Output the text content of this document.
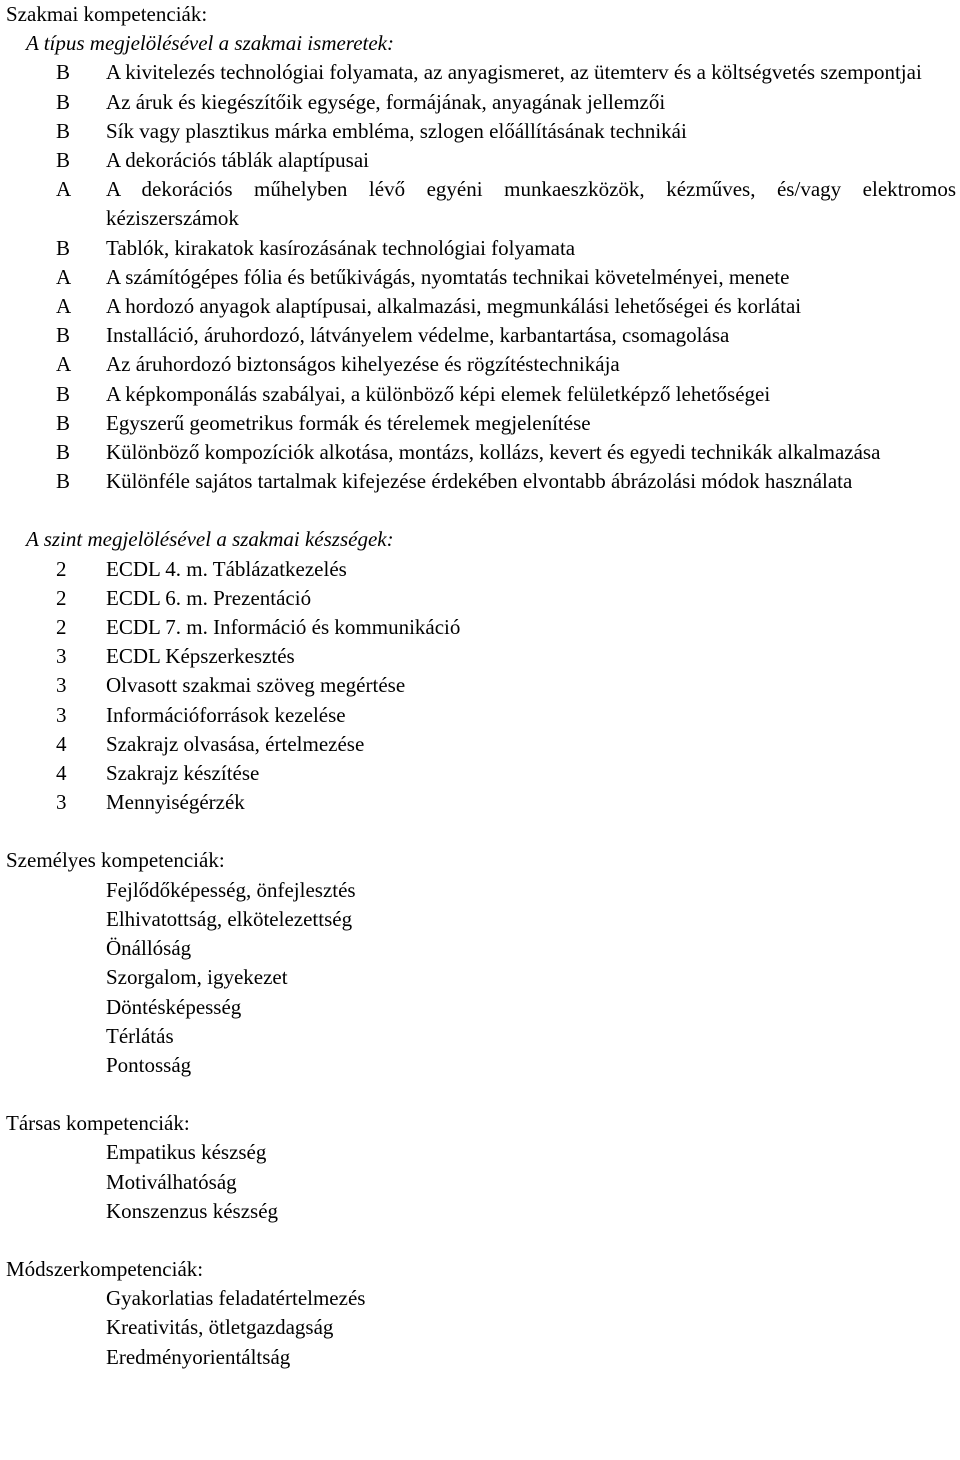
Szakmai kompetenciák:
A típus megjelölésével a szakmai ismeretek:
B	A kivitelezés technológiai folyamata, az anyagismeret, az ütemterv és a költségvetés szempontjai
B	Az áruk és kiegészítőik egysége, formájának, anyagának jellemzői
B	Sík vagy plasztikus márka embléma, szlogen előállításának technikái
B	A dekorációs táblák alaptípusai
A	A dekorációs műhelyben lévő egyéni munkaeszközök, kézműves, és/vagy elektromos kéziszerszámok
B	Tablók, kirakatok kasírozásának technológiai folyamata
A	A számítógépes fólia és betűkivágás, nyomtatás technikai követelményei, menete
A	A hordozó anyagok alaptípusai, alkalmazási, megmunkálási lehetőségei és korlátai
B	Installáció, áruhordozó, látványelem védelme, karbantartása, csomagolása
A	Az áruhordozó biztonságos kihelyezése és rögzítéstechnikája
B	A képkomponálás szabályai, a különböző képi elemek felületképző lehetőségei
B	Egyszerű geometrikus formák és térelemek megjelenítése
B	Különböző kompozíciók alkotása, montázs, kollázs, kevert és egyedi technikák alkalmazása
B	Különféle sajátos tartalmak kifejezése érdekében elvontabb ábrázolási módok használata
A szint megjelölésével a szakmai készségek:
2	ECDL 4. m. Táblázatkezelés
2	ECDL 6. m. Prezentáció
2	ECDL 7. m. Információ és kommunikáció
3	ECDL Képszerkesztés
3	Olvasott szakmai szöveg megértése
3	Információforrások kezelése
4	Szakrajz olvasása, értelmezése
4	Szakrajz készítése
3	Mennyiségérzék
Személyes kompetenciák:
Fejlődőképesség, önfejlesztés
Elhivatottság, elkötelezettség
Önállóság
Szorgalom, igyekezet
Döntésképesség
Térlátás
Pontosság
Társas kompetenciák:
Empatikus készség
Motiválhatóság
Konszenzus készség
Módszerkompetenciák:
Gyakorlatias feladatértelmezés
Kreativitás, ötletgazdagság
Eredményorientáltság
